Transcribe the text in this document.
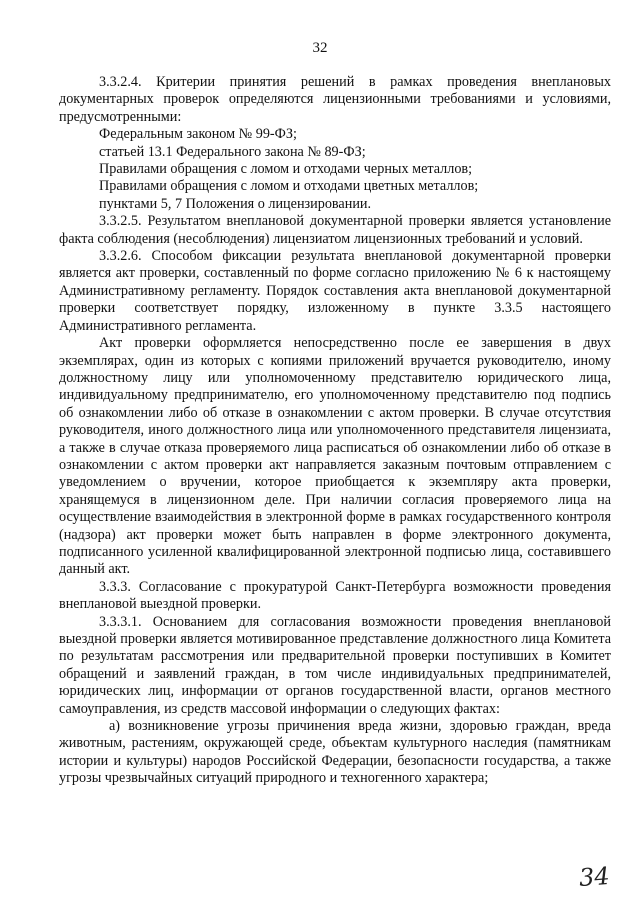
32

3.3.2.4. Критерии принятия решений в рамках проведения внеплановых документарных проверок определяются лицензионными требованиями и условиями, предусмотренными:

Федеральным законом № 99-ФЗ;

статьей 13.1 Федерального закона № 89-ФЗ;

Правилами обращения с ломом и отходами черных металлов;

Правилами обращения с ломом и отходами цветных металлов;

пунктами 5, 7 Положения о лицензировании.

3.3.2.5. Результатом внеплановой документарной проверки является установление факта соблюдения (несоблюдения) лицензиатом лицензионных требований и условий.

3.3.2.6. Способом фиксации результата внеплановой документарной проверки является акт проверки, составленный по форме согласно приложению № 6 к настоящему Административному регламенту. Порядок составления акта внеплановой документарной проверки соответствует порядку, изложенному в пункте 3.3.5 настоящего Административного регламента.

Акт проверки оформляется непосредственно после ее завершения в двух экземплярах, один из которых с копиями приложений вручается руководителю, иному должностному лицу или уполномоченному представителю юридического лица, индивидуальному предпринимателю, его уполномоченному представителю под подпись об ознакомлении либо об отказе в ознакомлении с актом проверки. В случае отсутствия руководителя, иного должностного лица или уполномоченного представителя лицензиата, а также в случае отказа проверяемого лица расписаться об ознакомлении либо об отказе в ознакомлении с актом проверки акт направляется заказным почтовым отправлением с уведомлением о вручении, которое приобщается к экземпляру акта проверки, хранящемуся в лицензионном деле. При наличии согласия проверяемого лица на осуществление взаимодействия в электронной форме в рамках государственного контроля (надзора) акт проверки может быть направлен в форме электронного документа, подписанного усиленной квалифицированной электронной подписью лица, составившего данный акт.

3.3.3. Согласование с прокуратурой Санкт-Петербурга возможности проведения внеплановой выездной проверки.

3.3.3.1. Основанием для согласования возможности проведения внеплановой выездной проверки является мотивированное представление должностного лица Комитета по результатам рассмотрения или предварительной проверки поступивших в Комитет обращений и заявлений граждан, в том числе индивидуальных предпринимателей, юридических лиц, информации от органов государственной власти, органов местного самоуправления, из средств массовой информации о следующих фактах:

а) возникновение угрозы причинения вреда жизни, здоровью граждан, вреда животным, растениям, окружающей среде, объектам культурного наследия (памятникам истории и культуры) народов Российской Федерации, безопасности государства, а также угрозы чрезвычайных ситуаций природного и техногенного характера;

34
